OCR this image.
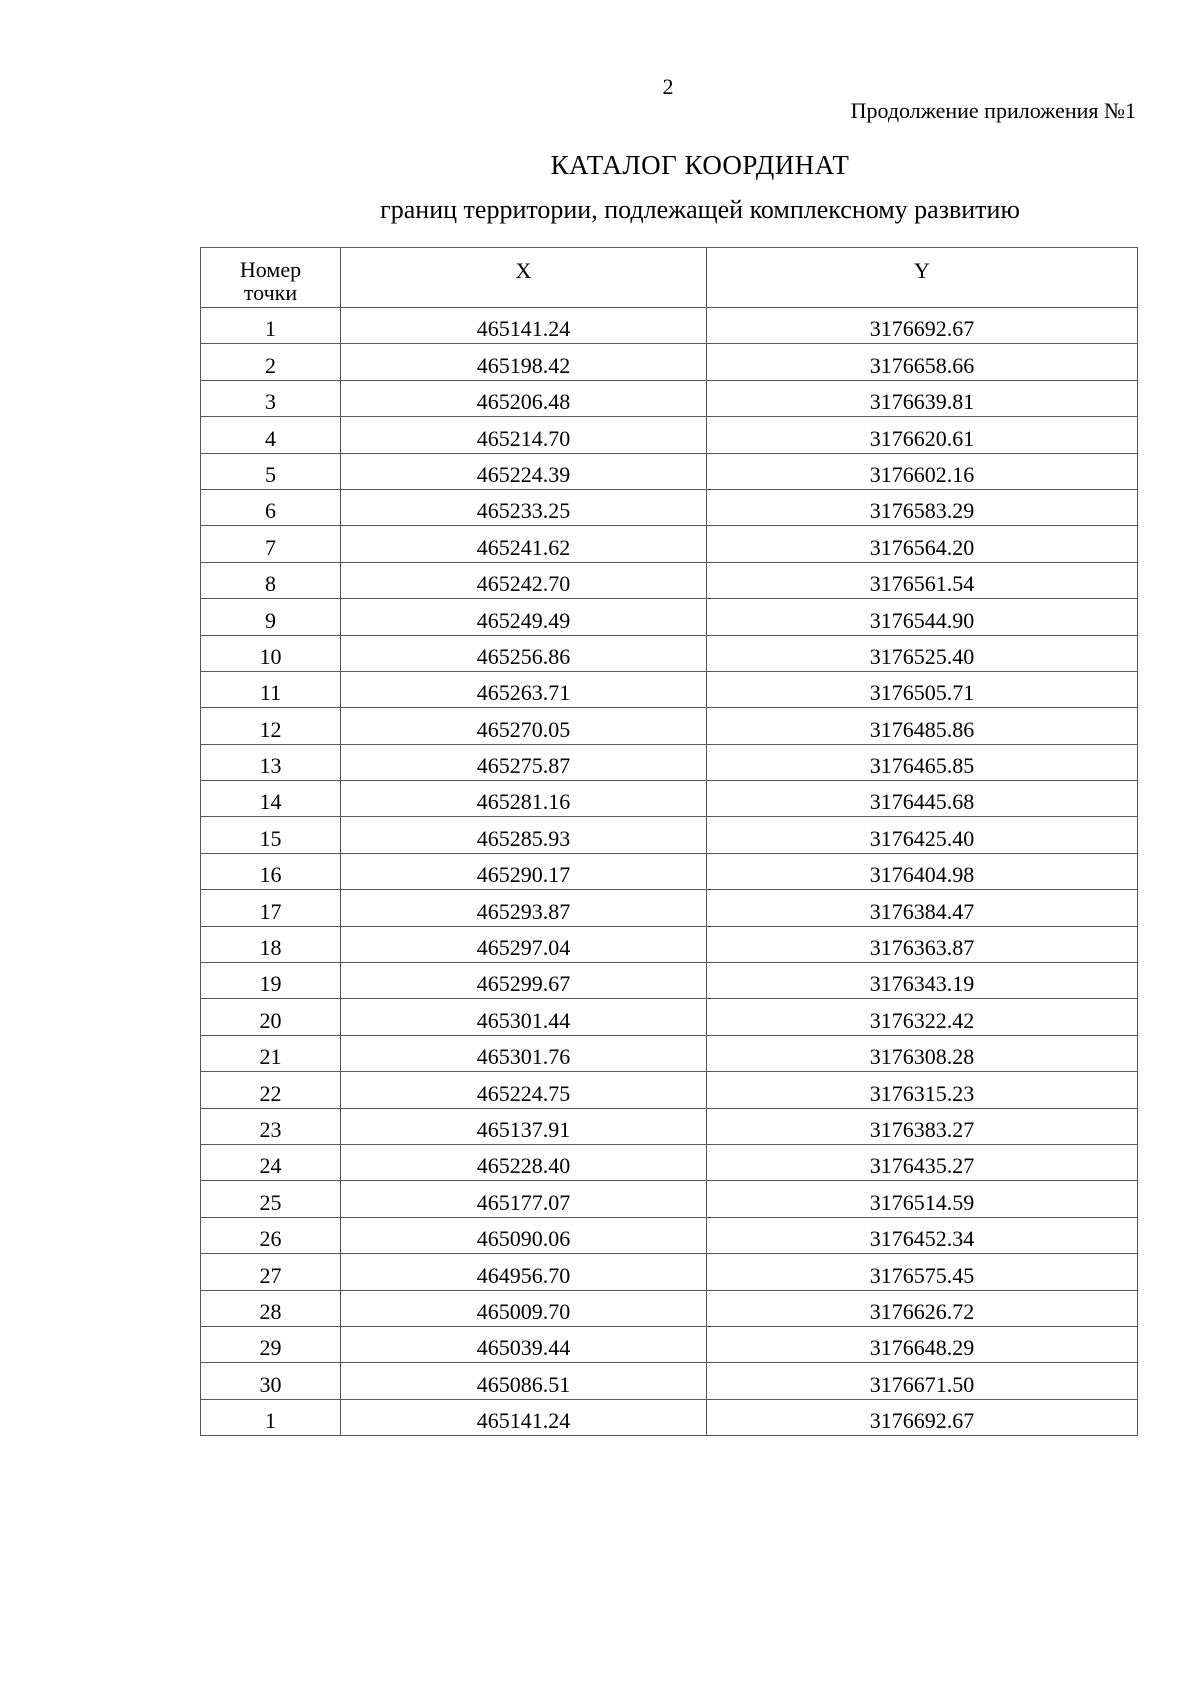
2
Продолжение приложения №1
КАТАЛОГ КООРДИНАТ
границ территории, подлежащей комплексному развитию
Номер
точки	X	Y
1	465141.24	3176692.67
2	465198.42	3176658.66
3	465206.48	3176639.81
4	465214.70	3176620.61
5	465224.39	3176602.16
6	465233.25	3176583.29
7	465241.62	3176564.20
8	465242.70	3176561.54
9	465249.49	3176544.90
10	465256.86	3176525.40
11	465263.71	3176505.71
12	465270.05	3176485.86
13	465275.87	3176465.85
14	465281.16	3176445.68
15	465285.93	3176425.40
16	465290.17	3176404.98
17	465293.87	3176384.47
18	465297.04	3176363.87
19	465299.67	3176343.19
20	465301.44	3176322.42
21	465301.76	3176308.28
22	465224.75	3176315.23
23	465137.91	3176383.27
24	465228.40	3176435.27
25	465177.07	3176514.59
26	465090.06	3176452.34
27	464956.70	3176575.45
28	465009.70	3176626.72
29	465039.44	3176648.29
30	465086.51	3176671.50
1	465141.24	3176692.67
